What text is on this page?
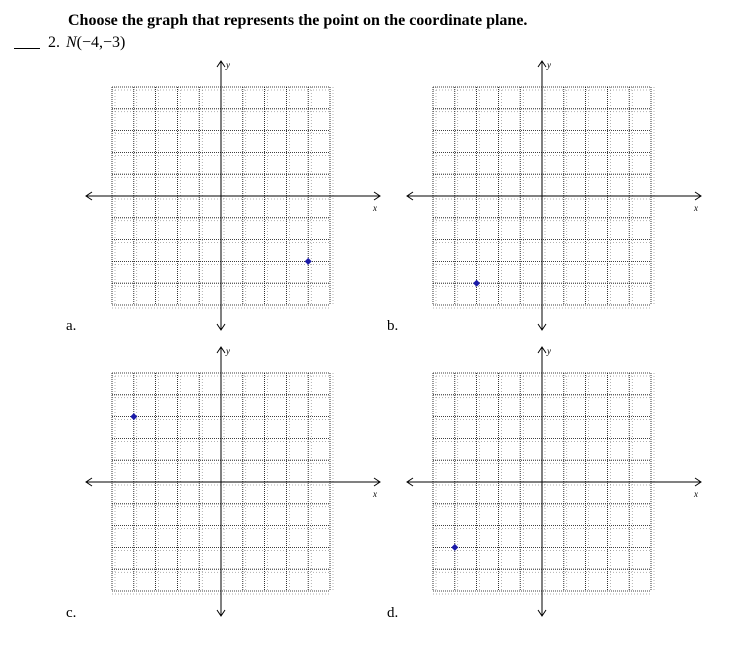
Choose the graph that represents the point on the coordinate plane.
2. N(−4,−3)
a.	b.
c.	d.
x
y
x
y
x
y
x
y
